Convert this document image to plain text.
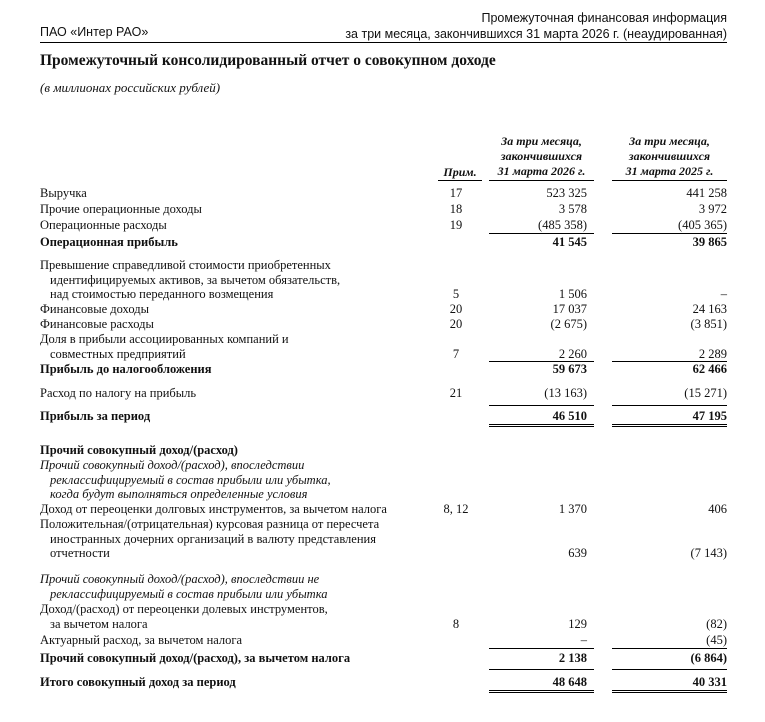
ПАО «Интер РАО»
Промежуточная финансовая информация
за три месяца, закончившихся 31 марта 2026 г. (неаудированная)
Промежуточный консолидированный отчет о совокупном доходе
(в миллионах российских рублей)
Прим.
За три месяца,
закончившихся
31 марта 2026 г.
За три месяца,
закончившихся
31 марта 2025 г.
Выручка	17	523 325	441 258
Прочие операционные доходы	18	3 578	3 972
Операционные расходы	19	(485 358)	(405 365)
Операционная прибыль	41 545	39 865
Превышение справедливой стоимости приобретенных
идентифицируемых активов, за вычетом обязательств,
над стоимостью переданного возмещения	5	1 506	–
Финансовые доходы	20	17 037	24 163
Финансовые расходы	20	(2 675)	(3 851)
Доля в прибыли ассоциированных компаний и
совместных предприятий	7	2 260	2 289
Прибыль до налогообложения	59 673	62 466
Расход по налогу на прибыль	21	(13 163)	(15 271)
Прибыль за период	46 510	47 195
Прочий совокупный доход/(расход)
Прочий совокупный доход/(расход), впоследствии
реклассифицируемый в состав прибыли или убытка,
когда будут выполняться определенные условия
Доход от переоценки долговых инструментов, за вычетом налога	8, 12	1 370	406
Положительная/(отрицательная) курсовая разница от пересчета
иностранных дочерних организаций в валюту представления
отчетности	639	(7 143)
Прочий совокупный доход/(расход), впоследствии не
реклассифицируемый в состав прибыли или убытка
Доход/(расход) от переоценки долевых инструментов,
за вычетом налога	8	129	(82)
Актуарный расход, за вычетом налога	–	(45)
Прочий совокупный доход/(расход), за вычетом налога	2 138	(6 864)
Итого совокупный доход за период	48 648	40 331
